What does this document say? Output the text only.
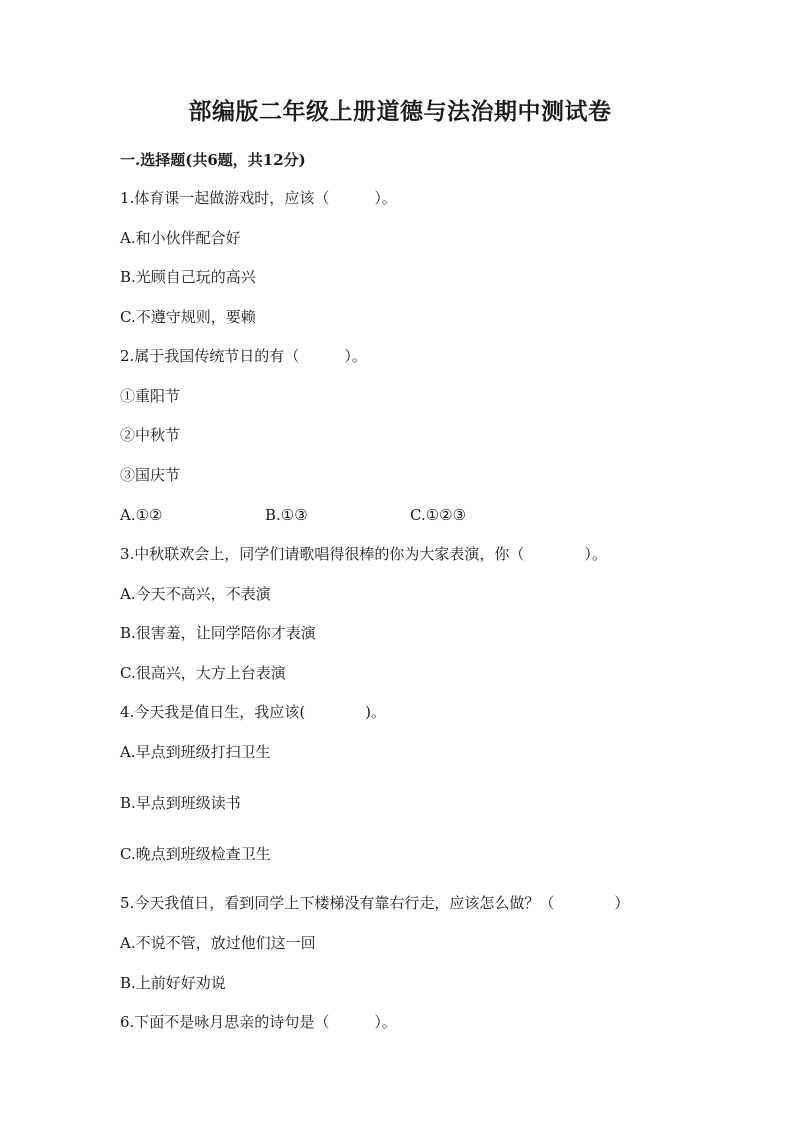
部编版二年级上册道德与法治期中测试卷
一.选择题(共6题，共12分)
1.体育课一起做游戏时，应该（　　　）。
A.和小伙伴配合好
B.光顾自己玩的高兴
C.不遵守规则，要赖
2.属于我国传统节日的有（　　　）。
①重阳节
②中秋节
③国庆节
A.①②	B.①③	C.①②③
3.中秋联欢会上，同学们请歌唱得很棒的你为大家表演，你（　　　　）。
A.今天不高兴，不表演
B.很害羞，让同学陪你才表演
C.很高兴，大方上台表演
4.今天我是值日生，我应该(　　　　)。
A.早点到班级打扫卫生
B.早点到班级读书
C.晚点到班级检查卫生
5.今天我值日，看到同学上下楼梯没有靠右行走，应该怎么做？（　　　　）
A.不说不管，放过他们这一回
B.上前好好劝说
6.下面不是咏月思亲的诗句是（　　　）。
